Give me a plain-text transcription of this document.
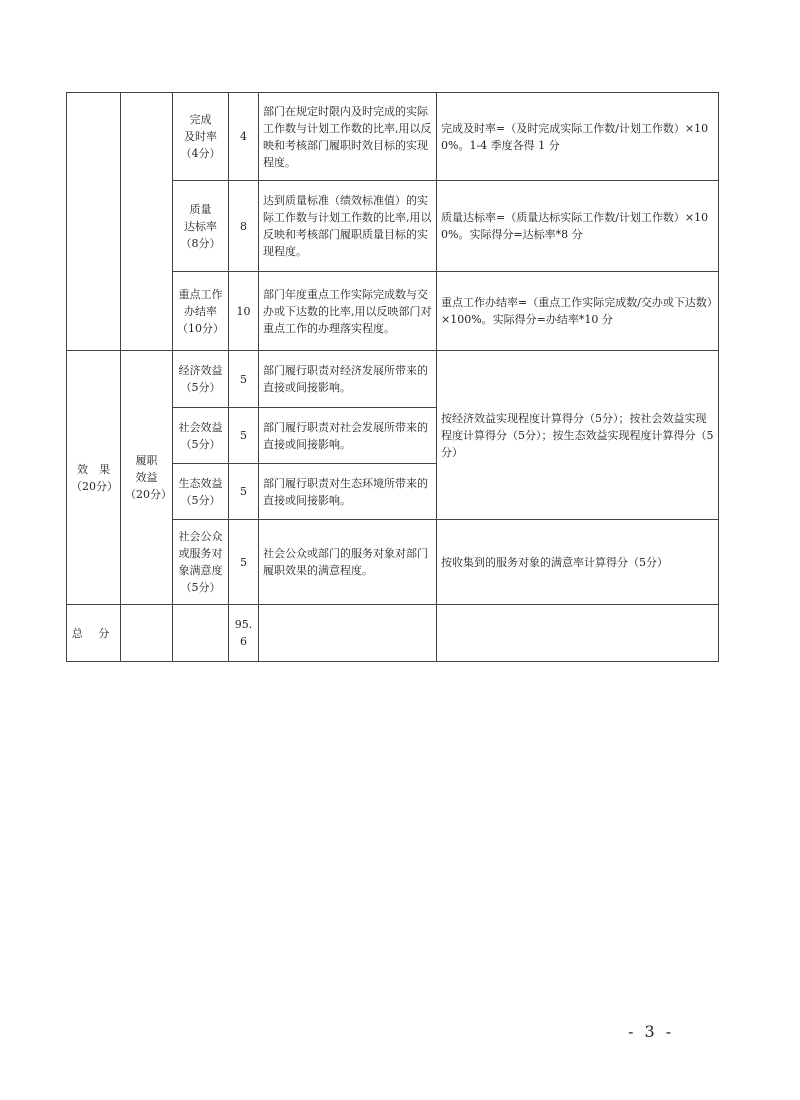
		完成
及时率
（4分）	4	部门在规定时限内及时完成的实际工作数与计划工作数的比率,用以反映和考核部门履职时效目标的实现程度。	完成及时率=（及时完成实际工作数/计划工作数）×100%。1-4 季度各得 1 分
		质量
达标率
（8分）	8	达到质量标准（绩效标准值）的实际工作数与计划工作数的比率,用以反映和考核部门履职质量目标的实现程度。	质量达标率=（质量达标实际工作数/计划工作数）×100%。实际得分=达标率*8 分
		重点工作
办结率
（10分）	10	部门年度重点工作实际完成数与交办或下达数的比率,用以反映部门对重点工作的办理落实程度。	重点工作办结率=（重点工作实际完成数/交办或下达数）×100%。实际得分=办结率*10 分
效　果
（20分）	履职
效益
（20分）	经济效益
（5分）	5	部门履行职责对经济发展所带来的直接或间接影响。	按经济效益实现程度计算得分（5分）；按社会效益实现程度计算得分（5分）；按生态效益实现程度计算得分（5分）
		社会效益
（5分）	5	部门履行职责对社会发展所带来的直接或间接影响。	
		生态效益
（5分）	5	部门履行职责对生态环境所带来的直接或间接影响。	
		社会公众
或服务对
象满意度
（5分）	5	社会公众或部门的服务对象对部门履职效果的满意程度。	按收集到的服务对象的满意率计算得分（5分）
总 分			95.6		
- 3 -
